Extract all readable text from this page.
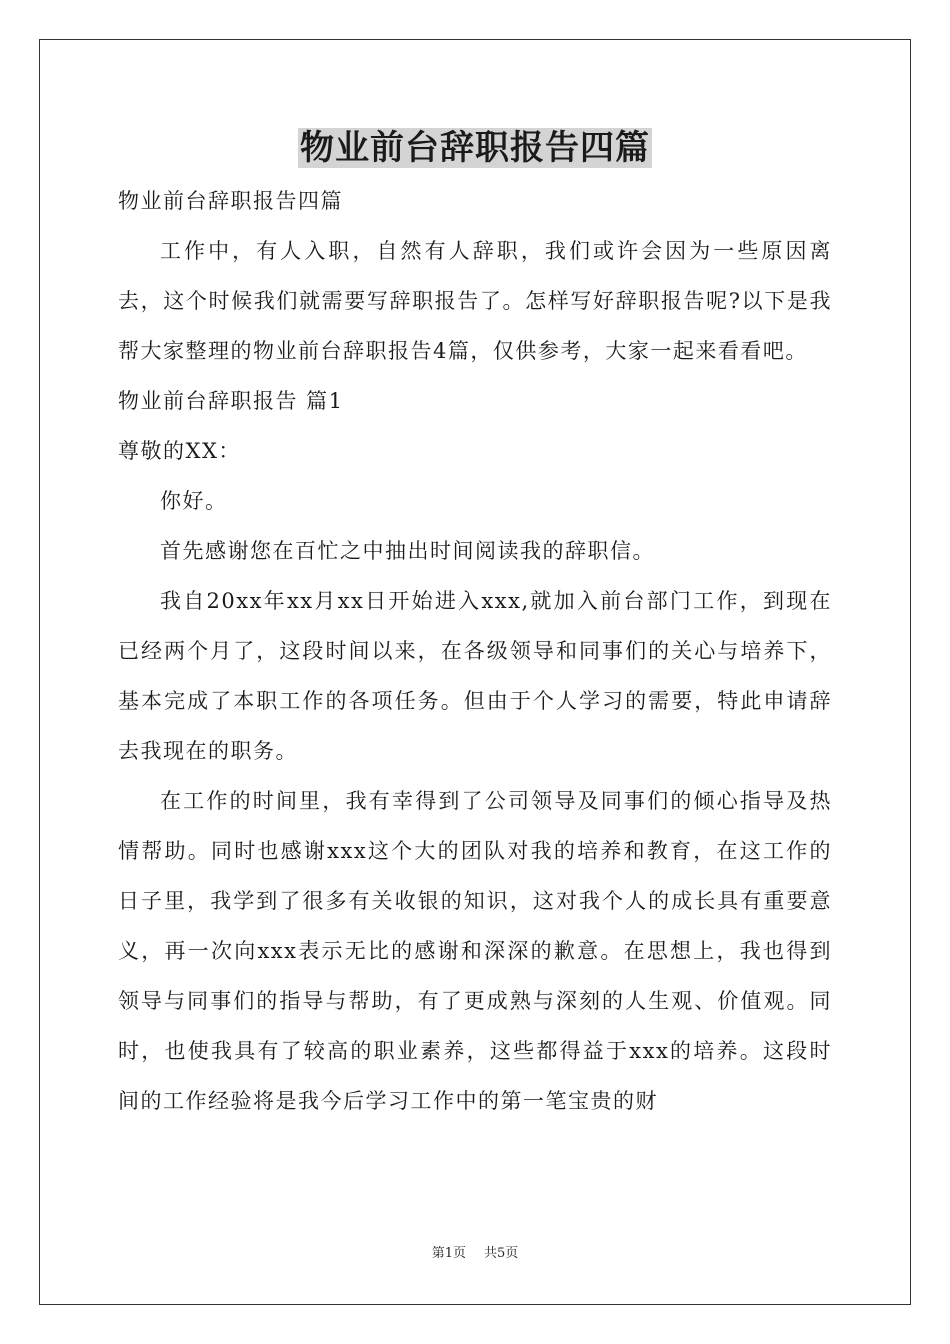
物业前台辞职报告四篇

物业前台辞职报告四篇

工作中，有人入职，自然有人辞职，我们或许会因为一些原因离去，这个时候我们就需要写辞职报告了。怎样写好辞职报告呢?以下是我帮大家整理的物业前台辞职报告4篇，仅供参考，大家一起来看看吧。

物业前台辞职报告 篇1

尊敬的XX：

你好。

首先感谢您在百忙之中抽出时间阅读我的辞职信。

我自20xx年xx月xx日开始进入xxx,就加入前台部门工作，到现在已经两个月了，这段时间以来，在各级领导和同事们的关心与培养下，基本完成了本职工作的各项任务。但由于个人学习的需要，特此申请辞去我现在的职务。

在工作的时间里，我有幸得到了公司领导及同事们的倾心指导及热情帮助。同时也感谢xxx这个大的团队对我的培养和教育，在这工作的日子里，我学到了很多有关收银的知识，这对我个人的成长具有重要意义，再一次向xxx表示无比的感谢和深深的歉意。在思想上，我也得到领导与同事们的指导与帮助，有了更成熟与深刻的人生观、价值观。同时，也使我具有了较高的职业素养，这些都得益于xxx的培养。这段时间的工作经验将是我今后学习工作中的第一笔宝贵的财

第1页 共5页
